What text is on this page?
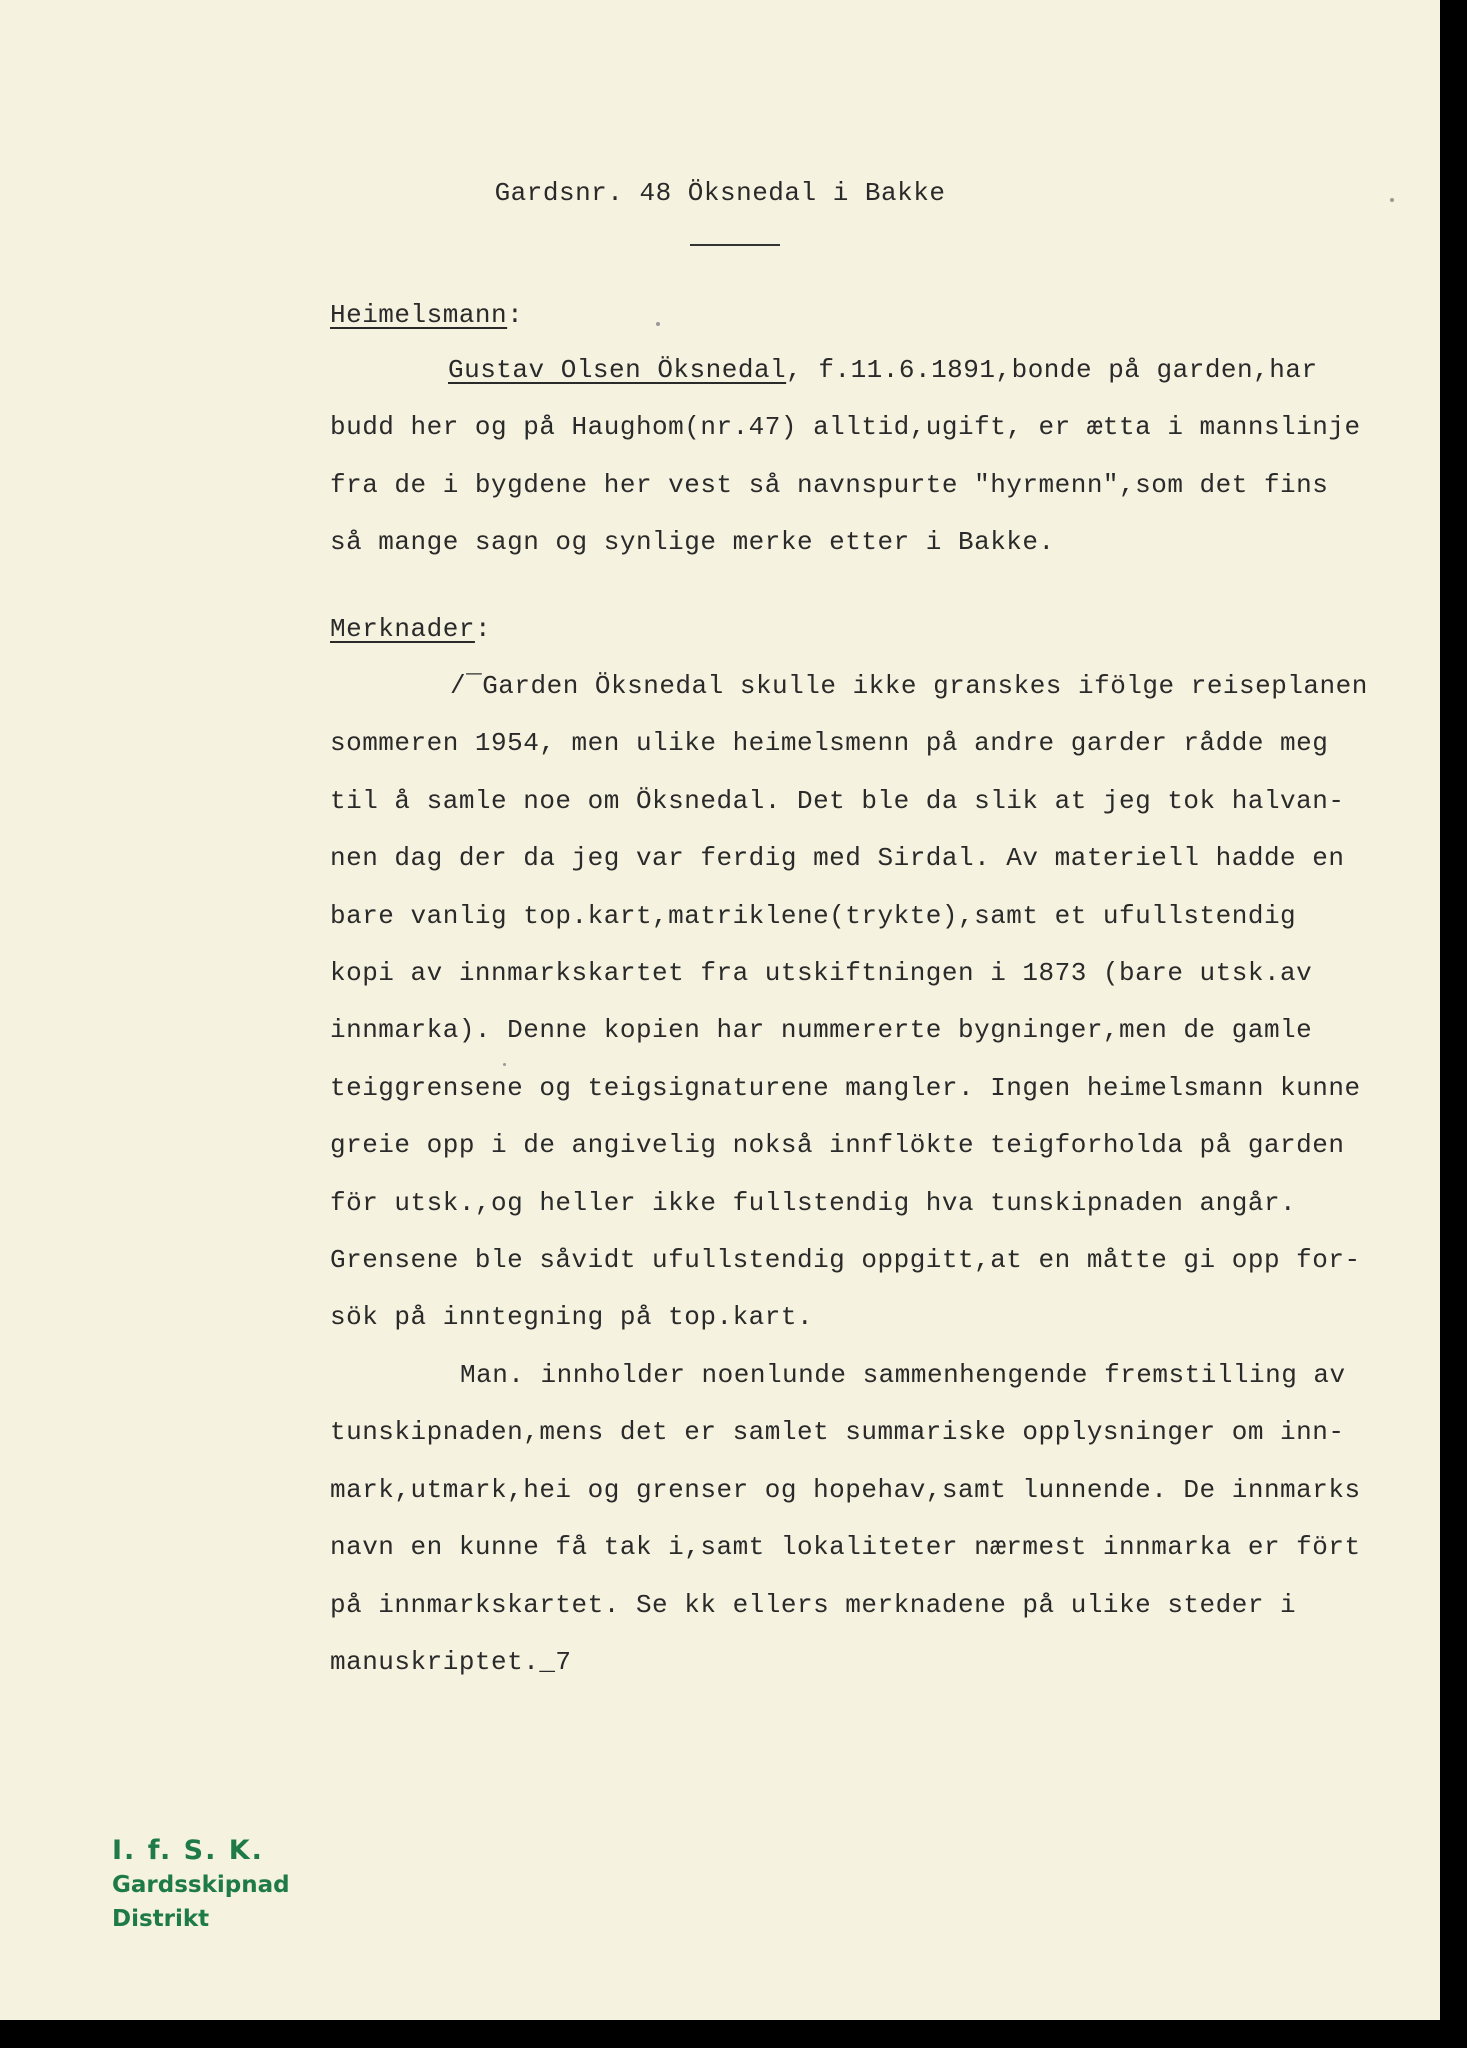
Gardsnr. 48 Öksnedal i Bakke
Heimelsmann:
Gustav Olsen Öksnedal, f.11.6.1891,bonde på garden,har
budd her og på Haughom(nr.47) alltid,ugift, er ætta i mannslinje
fra de i bygdene her vest så navnspurte "hyrmenn",som det fins
så mange sagn og synlige merke etter i Bakke.
Merknader:
/‾Garden Öksnedal skulle ikke granskes ifölge reiseplanen
sommeren 1954, men ulike heimelsmenn på andre garder rådde meg
til å samle noe om Öksnedal. Det ble da slik at jeg tok halvan-
nen dag der da jeg var ferdig med Sirdal. Av materiell hadde en
bare vanlig top.kart,matriklene(trykte),samt et ufullstendig
kopi av innmarkskartet fra utskiftningen i 1873 (bare utsk.av
innmarka). Denne kopien har nummererte bygninger,men de gamle
teiggrensene og teigsignaturene mangler. Ingen heimelsmann kunne
greie opp i de angivelig nokså innflökte teigforholda på garden
för utsk.,og heller ikke fullstendig hva tunskipnaden angår.
Grensene ble såvidt ufullstendig oppgitt,at en måtte gi opp for-
sök på inntegning på top.kart.
Man. innholder noenlunde sammenhengende fremstilling av
tunskipnaden,mens det er samlet summariske opplysninger om inn-
mark,utmark,hei og grenser og hopehav,samt lunnende. De innmarks
navn en kunne få tak i,samt lokaliteter nærmest innmarka er fört
på innmarkskartet. Se kk ellers merknadene på ulike steder i
manuskriptet._7
I. f. S. K.
Gardsskipnad
Distrikt
